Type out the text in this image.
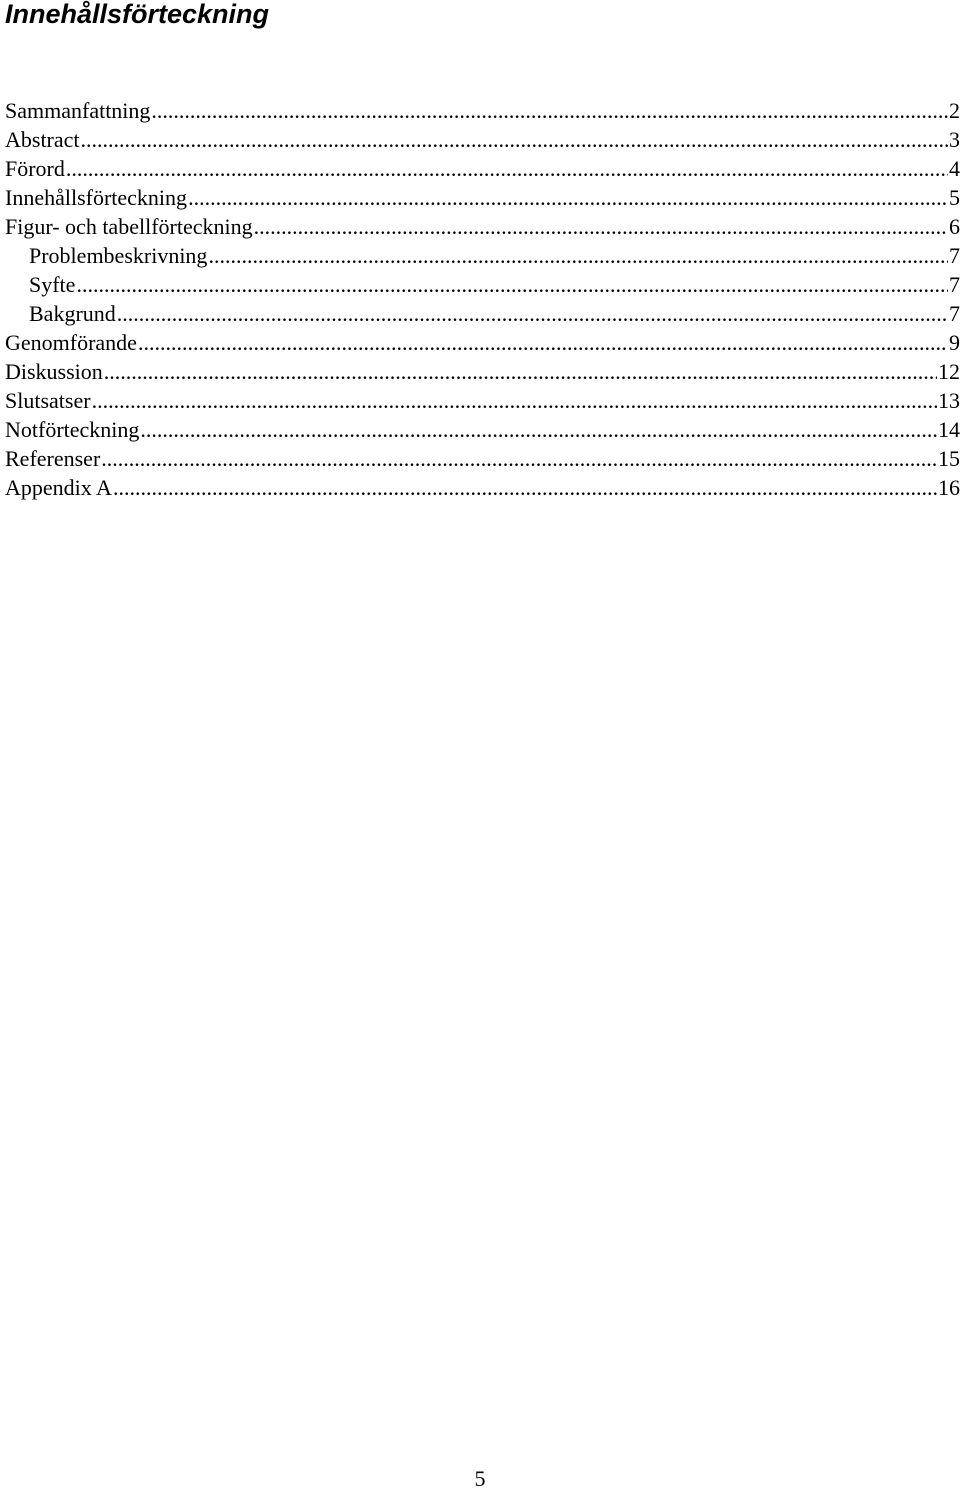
Innehållsförteckning
Sammanfattning .....	2
Abstract .....	3
Förord .....	4
Innehållsförteckning .....	5
Figur- och tabellförteckning .....	6
Problembeskrivning .....	7
Syfte .....	7
Bakgrund .....	7
Genomförande .....	9
Diskussion .....	12
Slutsatser .....	13
Notförteckning .....	14
Referenser .....	15
Appendix A .....	16
5
